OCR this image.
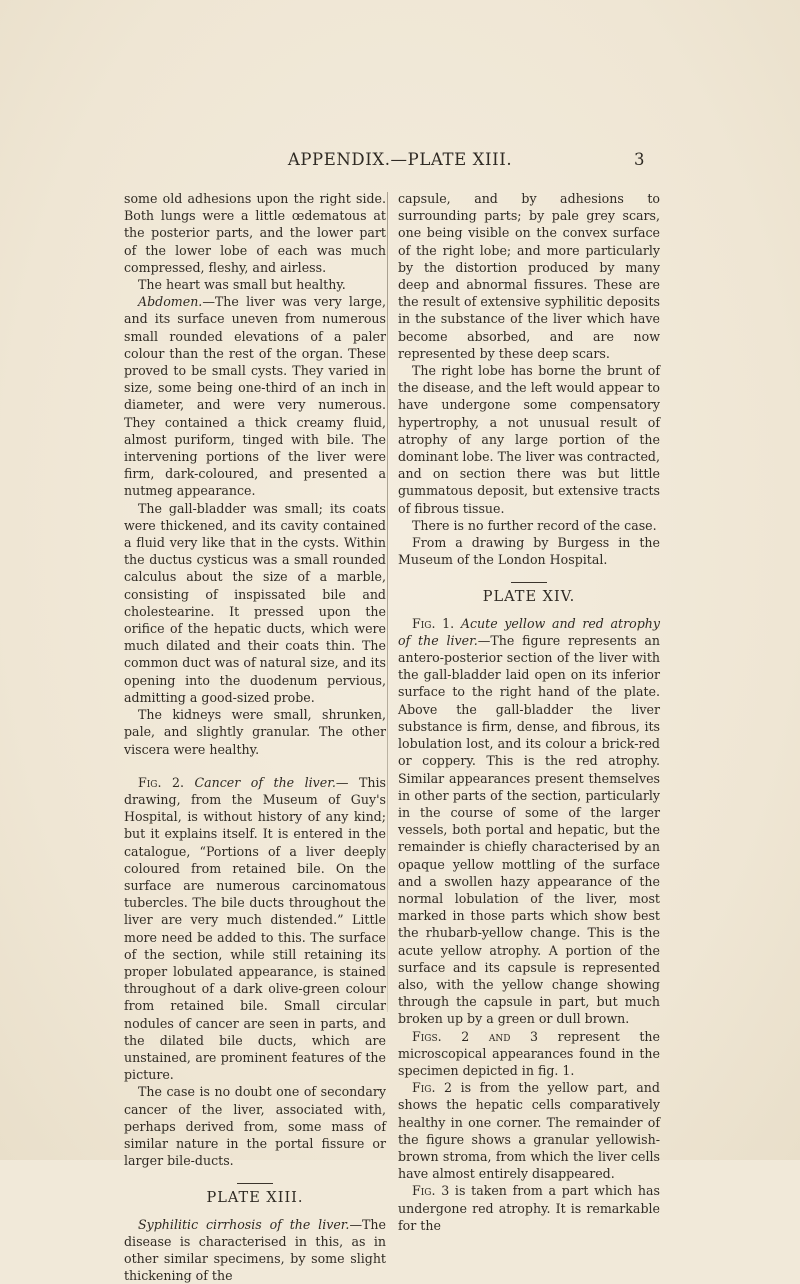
APPENDIX.—PLATE XIII.	3

some old adhesions upon the right side. Both lungs were a little œdematous at the posterior parts, and the lower part of the lower lobe of each was much compressed, fleshy, and airless.

The heart was small but healthy.

Abdomen.—The liver was very large, and its surface uneven from numerous small rounded elevations of a paler colour than the rest of the organ. These proved to be small cysts. They varied in size, some being one-third of an inch in diameter, and were very numerous. They contained a thick creamy fluid, almost puriform, tinged with bile. The intervening portions of the liver were firm, dark-coloured, and presented a nutmeg appearance.

The gall-bladder was small; its coats were thickened, and its cavity contained a fluid very like that in the cysts. Within the ductus cysticus was a small rounded calculus about the size of a marble, consisting of inspissated bile and cholestearine. It pressed upon the orifice of the hepatic ducts, which were much dilated and their coats thin. The common duct was of natural size, and its opening into the duodenum pervious, admitting a good-sized probe.

The kidneys were small, shrunken, pale, and slightly granular. The other viscera were healthy.

Fig. 2. Cancer of the liver.— This drawing, from the Museum of Guy's Hospital, is without history of any kind; but it explains itself. It is entered in the catalogue, “Portions of a liver deeply coloured from retained bile. On the surface are numerous carcinomatous tubercles. The bile ducts throughout the liver are very much distended.” Little more need be added to this. The surface of the section, while still retaining its proper lobulated appearance, is stained throughout of a dark olive-green colour from retained bile. Small circular nodules of cancer are seen in parts, and the dilated bile ducts, which are unstained, are prominent features of the picture.

The case is no doubt one of secondary cancer of the liver, associated with, perhaps derived from, some mass of similar nature in the portal fissure or larger bile-ducts.

PLATE XIII.

Syphilitic cirrhosis of the liver.—The disease is characterised in this, as in other similar specimens, by some slight thickening of the

capsule, and by adhesions to surrounding parts; by pale grey scars, one being visible on the convex surface of the right lobe; and more particularly by the distortion produced by many deep and abnormal fissures. These are the result of extensive syphilitic deposits in the substance of the liver which have become absorbed, and are now represented by these deep scars.

The right lobe has borne the brunt of the disease, and the left would appear to have undergone some compensatory hypertrophy, a not unusual result of atrophy of any large portion of the dominant lobe. The liver was contracted, and on section there was but little gummatous deposit, but extensive tracts of fibrous tissue.

There is no further record of the case.

From a drawing by Burgess in the Museum of the London Hospital.

PLATE XIV.

Fig. 1. Acute yellow and red atrophy of the liver.—The figure represents an antero-posterior section of the liver with the gall-bladder laid open on its inferior surface to the right hand of the plate. Above the gall-bladder the liver substance is firm, dense, and fibrous, its lobulation lost, and its colour a brick-red or coppery. This is the red atrophy. Similar appearances present themselves in other parts of the section, particularly in the course of some of the larger vessels, both portal and hepatic, but the remainder is chiefly characterised by an opaque yellow mottling of the surface and a swollen hazy appearance of the normal lobulation of the liver, most marked in those parts which show best the rhubarb-yellow change. This is the acute yellow atrophy. A portion of the surface and its capsule is represented also, with the yellow change showing through the capsule in part, but much broken up by a green or dull brown.

Figs. 2 and 3 represent the microscopical appearances found in the specimen depicted in fig. 1.

Fig. 2 is from the yellow part, and shows the hepatic cells comparatively healthy in one corner. The remainder of the figure shows a granular yellowish-brown stroma, from which the liver cells have almost entirely disappeared.

Fig. 3 is taken from a part which has undergone red atrophy. It is remarkable for the
